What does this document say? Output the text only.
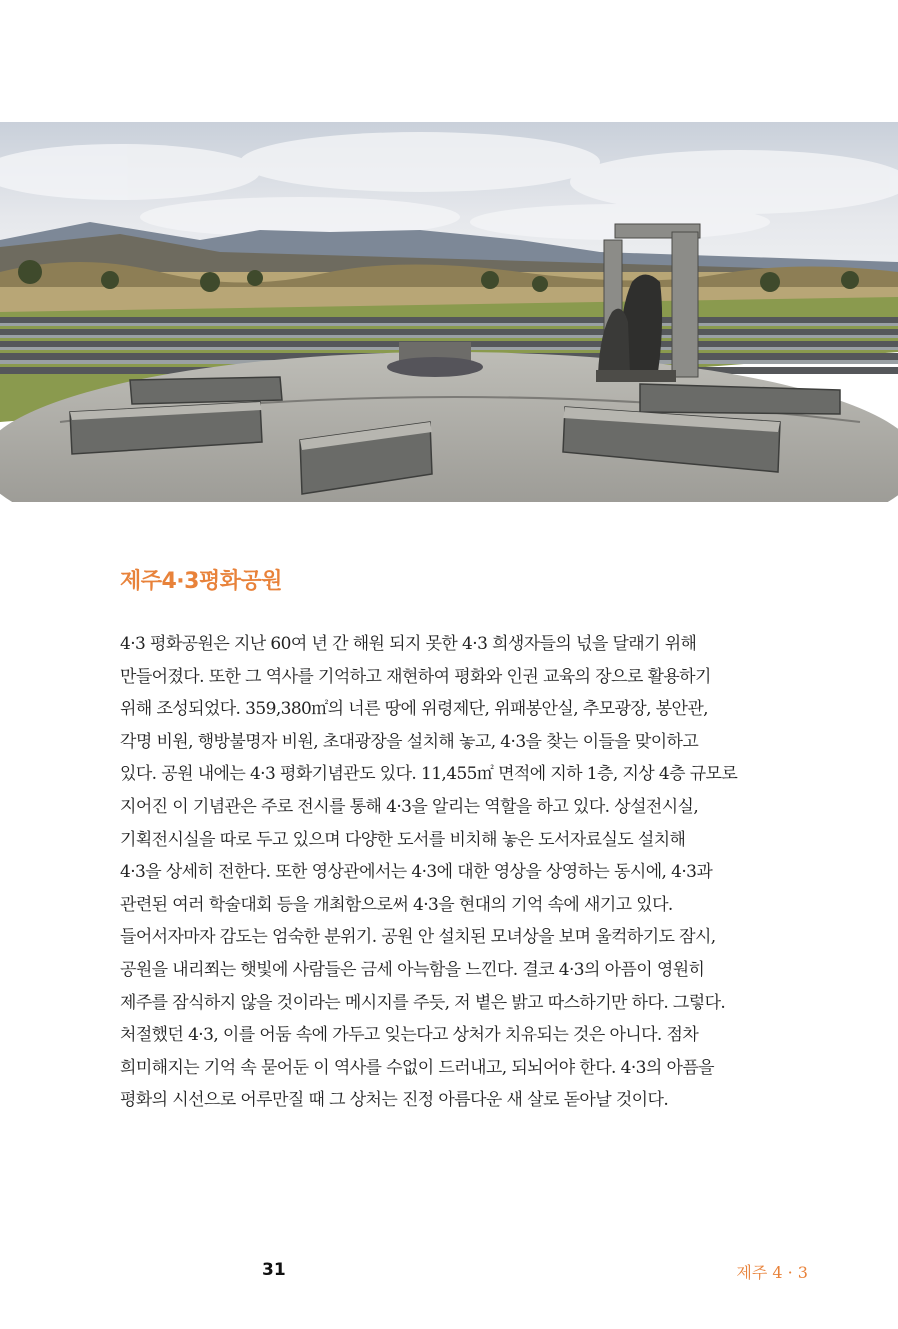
제주4·3평화공원

4·3 평화공원은 지난 60여 년 간 해원 되지 못한 4·3 희생자들의 넋을 달래기 위해
만들어졌다. 또한 그 역사를 기억하고 재현하여 평화와 인권 교육의 장으로 활용하기
위해 조성되었다. 359,380㎡의 너른 땅에 위령제단, 위패봉안실, 추모광장, 봉안관,
각명 비원, 행방불명자 비원, 초대광장을 설치해 놓고, 4·3을 찾는 이들을 맞이하고
있다. 공원 내에는 4·3 평화기념관도 있다. 11,455㎡ 면적에 지하 1층, 지상 4층 규모로
지어진 이 기념관은 주로 전시를 통해 4·3을 알리는 역할을 하고 있다. 상설전시실,
기획전시실을 따로 두고 있으며 다양한 도서를 비치해 놓은 도서자료실도 설치해
4·3을 상세히 전한다. 또한 영상관에서는 4·3에 대한 영상을 상영하는 동시에, 4·3과
관련된 여러 학술대회 등을 개최함으로써 4·3을 현대의 기억 속에 새기고 있다.
들어서자마자 감도는 엄숙한 분위기. 공원 안 설치된 모녀상을 보며 울컥하기도 잠시,
공원을 내리쬐는 햇빛에 사람들은 금세 아늑함을 느낀다. 결코 4·3의 아픔이 영원히
제주를 잠식하지 않을 것이라는 메시지를 주듯, 저 볕은 밝고 따스하기만 하다. 그렇다.
처절했던 4·3, 이를 어둠 속에 가두고 잊는다고 상처가 치유되는 것은 아니다. 점차
희미해지는 기억 속 묻어둔 이 역사를 수없이 드러내고, 되뇌어야 한다. 4·3의 아픔을
평화의 시선으로 어루만질 때 그 상처는 진정 아름다운 새 살로 돋아날 것이다.

31	제주 4 · 3
